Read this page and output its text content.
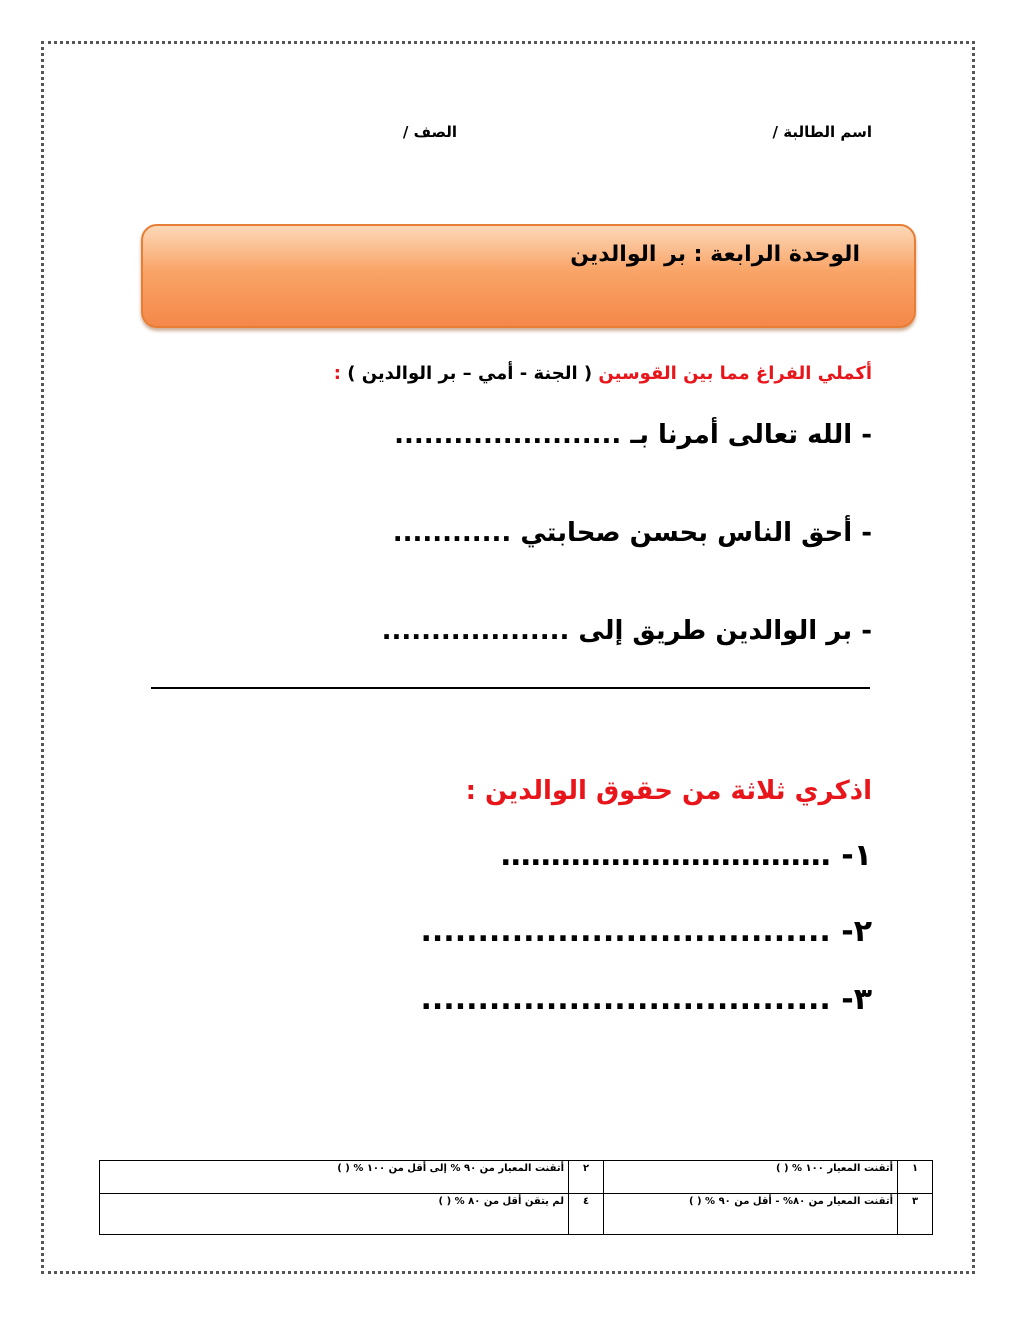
اسم الطالبة /
الصف /
الوحدة الرابعة : بر الوالدين
أكملي الفراغ مما بين القوسين ( الجنة - أمي – بر الوالدين ) :
- الله تعالى أمرنا بـ .......................
- أحق الناس بحسن صحابتي ............
- بر الوالدين طريق إلى ...................
اذكري ثلاثة من حقوق الوالدين :
١- ……………………………
٢- ....................................
٣- ....................................
١	أتقنت المعيار ١٠٠ % ( )	٢	أتقنت المعيار من ٩٠ % إلى أقل من ١٠٠ % ( )
٣	أتقنت المعيار من ٨٠% - أقل من ٩٠ % ( )	٤	لم يتقن أقل من ٨٠ % ( )
